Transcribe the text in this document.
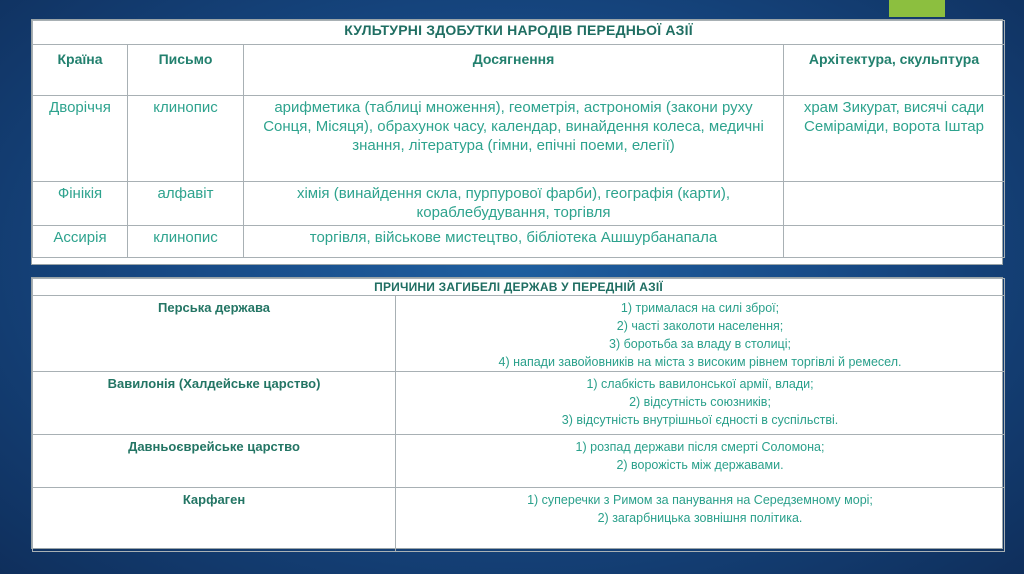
КУЛЬТУРНІ ЗДОБУТКИ НАРОДІВ ПЕРЕДНЬОЇ АЗІЇ			
Країна	Письмо	Досягнення	Архітектура, скульптура
Дворіччя	клинопис	арифметика (таблиці множення), геометрія, астрономія (закони руху Сонця, Місяця), обрахунок часу, календар, винайдення колеса, медичні знання, література (гімни, епічні поеми, елегії)	храм Зикурат, висячі сади Семіраміди, ворота Іштар
Фінікія	алфавіт	хімія (винайдення скла, пурпурової фарби), географія (карти), кораблебудування, торгівля	
Ассирія	клинопис	торгівля, військове мистецтво, бібліотека Ашшурбанапала	
ПРИЧИНИ ЗАГИБЕЛІ ДЕРЖАВ У ПЕРЕДНІЙ АЗІЇ	
Перська держава	1) трималася на силі зброї;
2) часті заколоти населення;
3) боротьба за владу в столиці;
4) напади завойовників на міста з високим рівнем торгівлі й ремесел.

Вавилонія (Халдейське царство)	1) слабкість вавилонської армії, влади;
2) відсутність союзників;
3) відсутність внутрішньої єдності в суспільстві.

Давньоєврейське царство	1) розпад держави після смерті Соломона;
2) ворожість між державами.

Карфаген	1) суперечки з Римом за панування на Середземному морі;
2) загарбницька зовнішня політика.
